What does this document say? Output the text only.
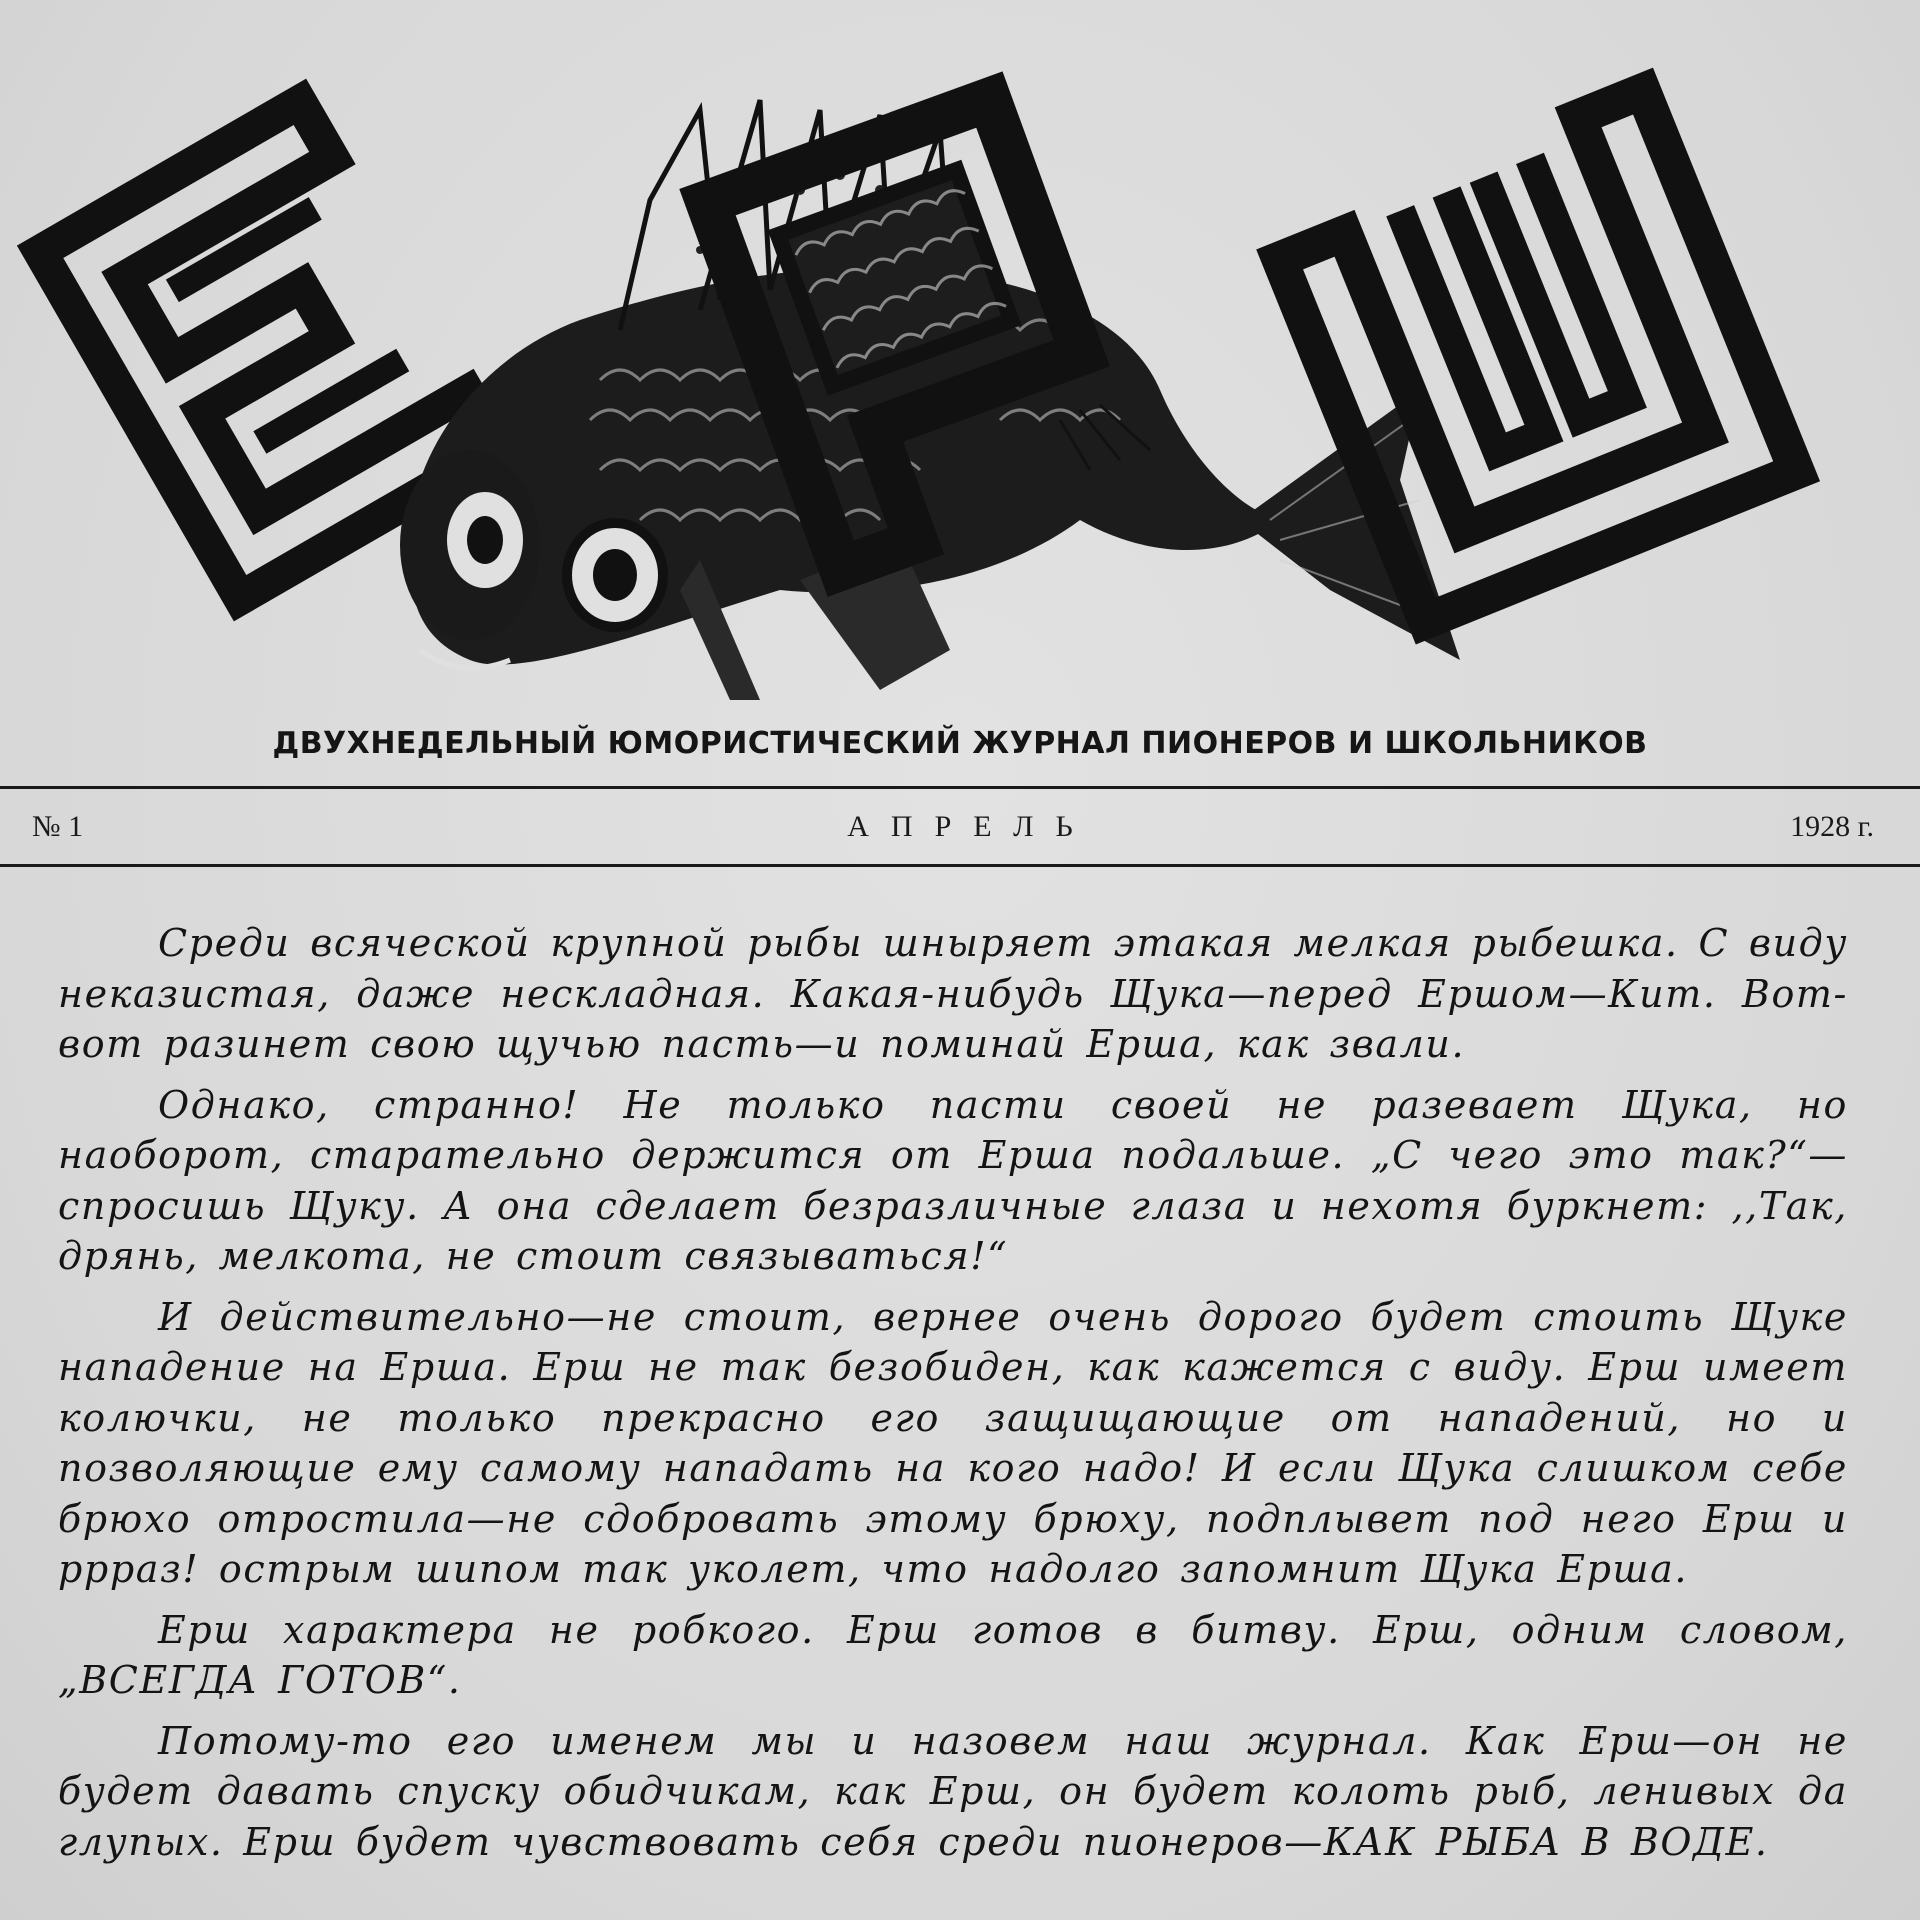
ДВУХНЕДЕЛЬНЫЙ ЮМОРИСТИЧЕСКИЙ ЖУРНАЛ ПИОНЕРОВ И ШКОЛЬНИКОВ
№ 1	АПРЕЛЬ	1928 г.

Среди всяческой крупной рыбы шныряет этакая мелкая рыбешка. С виду неказистая, даже нескладная. Какая-нибудь Щука—перед Ершом—Кит. Вот-вот разинет свою щучью пасть—и поминай Ерша, как звали.

Однако, странно! Не только пасти своей не разевает Щука, но наоборот, старательно держится от Ерша подальше. „С чего это так?“—спросишь Щуку. А она сделает безразличные глаза и нехотя буркнет: ,,Так, дрянь, мелкота, не стоит связываться!“

И действительно—не стоит, вернее очень дорого будет стоить Щуке нападение на Ерша. Ерш не так безобиден, как кажется с виду. Ерш имеет колючки, не только прекрасно его защищающие от нападений, но и позволяющие ему самому нападать на кого надо! И если Щука слишком себе брюхо отростила—не сдобровать этому брюху, подплывет под него Ерш и рррaз! острым шипом так уколет, что надолго запомнит Щука Ерша.

Ерш характера не робкого. Ерш готов в битву. Ерш, одним словом, „ВСЕГДА ГОТОВ“.

Потому-то его именем мы и назовем наш журнал. Как Ерш—он не будет давать спуску обидчикам, как Ерш, он будет колоть рыб, ленивых да глупых. Ерш будет чувствовать себя среди пионеров—КАК РЫБА В ВОДЕ.
